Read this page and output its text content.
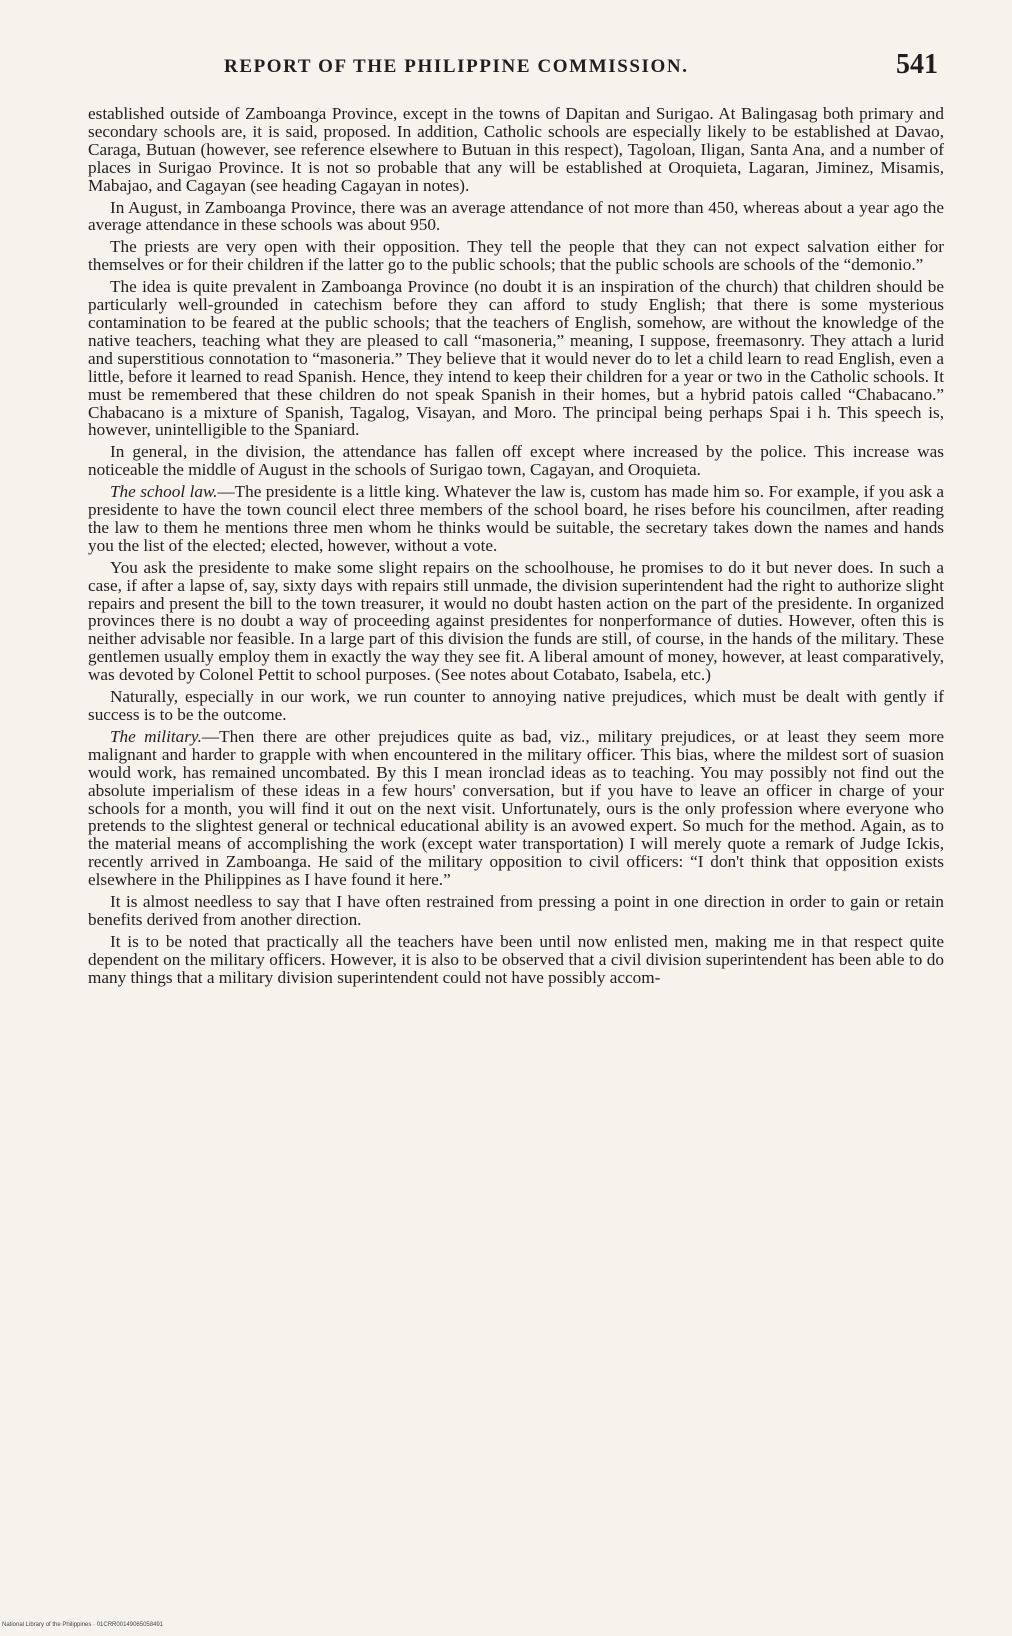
REPORT OF THE PHILIPPINE COMMISSION.	541

established outside of Zamboanga Province, except in the towns of Dapitan and Surigao. At Balingasag both primary and secondary schools are, it is said, proposed. In addition, Catholic schools are especially likely to be established at Davao, Caraga, Butuan (however, see reference elsewhere to Butuan in this respect), Tagoloan, Iligan, Santa Ana, and a number of places in Surigao Province. It is not so probable that any will be established at Oroquieta, Lagaran, Jiminez, Misamis, Mabajao, and Cagayan (see heading Cagayan in notes).

In August, in Zamboanga Province, there was an average attendance of not more than 450, whereas about a year ago the average attendance in these schools was about 950.

The priests are very open with their opposition. They tell the people that they can not expect salvation either for themselves or for their children if the latter go to the public schools; that the public schools are schools of the “demonio.”

The idea is quite prevalent in Zamboanga Province (no doubt it is an inspiration of the church) that children should be particularly well-grounded in catechism before they can afford to study English; that there is some mysterious contamination to be feared at the public schools; that the teachers of English, somehow, are without the knowledge of the native teachers, teaching what they are pleased to call “masoneria,” meaning, I suppose, freemasonry. They attach a lurid and superstitious connotation to “masoneria.” They believe that it would never do to let a child learn to read English, even a little, before it learned to read Spanish. Hence, they intend to keep their children for a year or two in the Catholic schools. It must be remembered that these children do not speak Spanish in their homes, but a hybrid patois called “Chabacano.” Chabacano is a mixture of Spanish, Tagalog, Visayan, and Moro. The principal being perhaps Spai i h. This speech is, however, unintelligible to the Spaniard.

In general, in the division, the attendance has fallen off except where increased by the police. This increase was noticeable the middle of August in the schools of Surigao town, Cagayan, and Oroquieta.

The school law.—The presidente is a little king. Whatever the law is, custom has made him so. For example, if you ask a presidente to have the town council elect three members of the school board, he rises before his councilmen, after reading the law to them he mentions three men whom he thinks would be suitable, the secretary takes down the names and hands you the list of the elected; elected, however, without a vote.

You ask the presidente to make some slight repairs on the schoolhouse, he promises to do it but never does. In such a case, if after a lapse of, say, sixty days with repairs still unmade, the division superintendent had the right to authorize slight repairs and present the bill to the town treasurer, it would no doubt hasten action on the part of the presidente. In organized provinces there is no doubt a way of proceeding against presidentes for nonperformance of duties. However, often this is neither advisable nor feasible. In a large part of this division the funds are still, of course, in the hands of the military. These gentlemen usually employ them in exactly the way they see fit. A liberal amount of money, however, at least comparatively, was devoted by Colonel Pettit to school purposes. (See notes about Cotabato, Isabela, etc.)

Naturally, especially in our work, we run counter to annoying native prejudices, which must be dealt with gently if success is to be the outcome.

The military.—Then there are other prejudices quite as bad, viz., military prejudices, or at least they seem more malignant and harder to grapple with when encountered in the military officer. This bias, where the mildest sort of suasion would work, has remained uncombated. By this I mean ironclad ideas as to teaching. You may possibly not find out the absolute imperialism of these ideas in a few hours' conversation, but if you have to leave an officer in charge of your schools for a month, you will find it out on the next visit. Unfortunately, ours is the only profession where everyone who pretends to the slightest general or technical educational ability is an avowed expert. So much for the method. Again, as to the material means of accomplishing the work (except water transportation) I will merely quote a remark of Judge Ickis, recently arrived in Zamboanga. He said of the military opposition to civil officers: “I don't think that opposition exists elsewhere in the Philippines as I have found it here.”

It is almost needless to say that I have often restrained from pressing a point in one direction in order to gain or retain benefits derived from another direction.

It is to be noted that practically all the teachers have been until now enlisted men, making me in that respect quite dependent on the military officers. However, it is also to be observed that a civil division superintendent has been able to do many things that a military division superintendent could not have possibly accom-

National Library of the Philippines · 01CRR00149065058491
